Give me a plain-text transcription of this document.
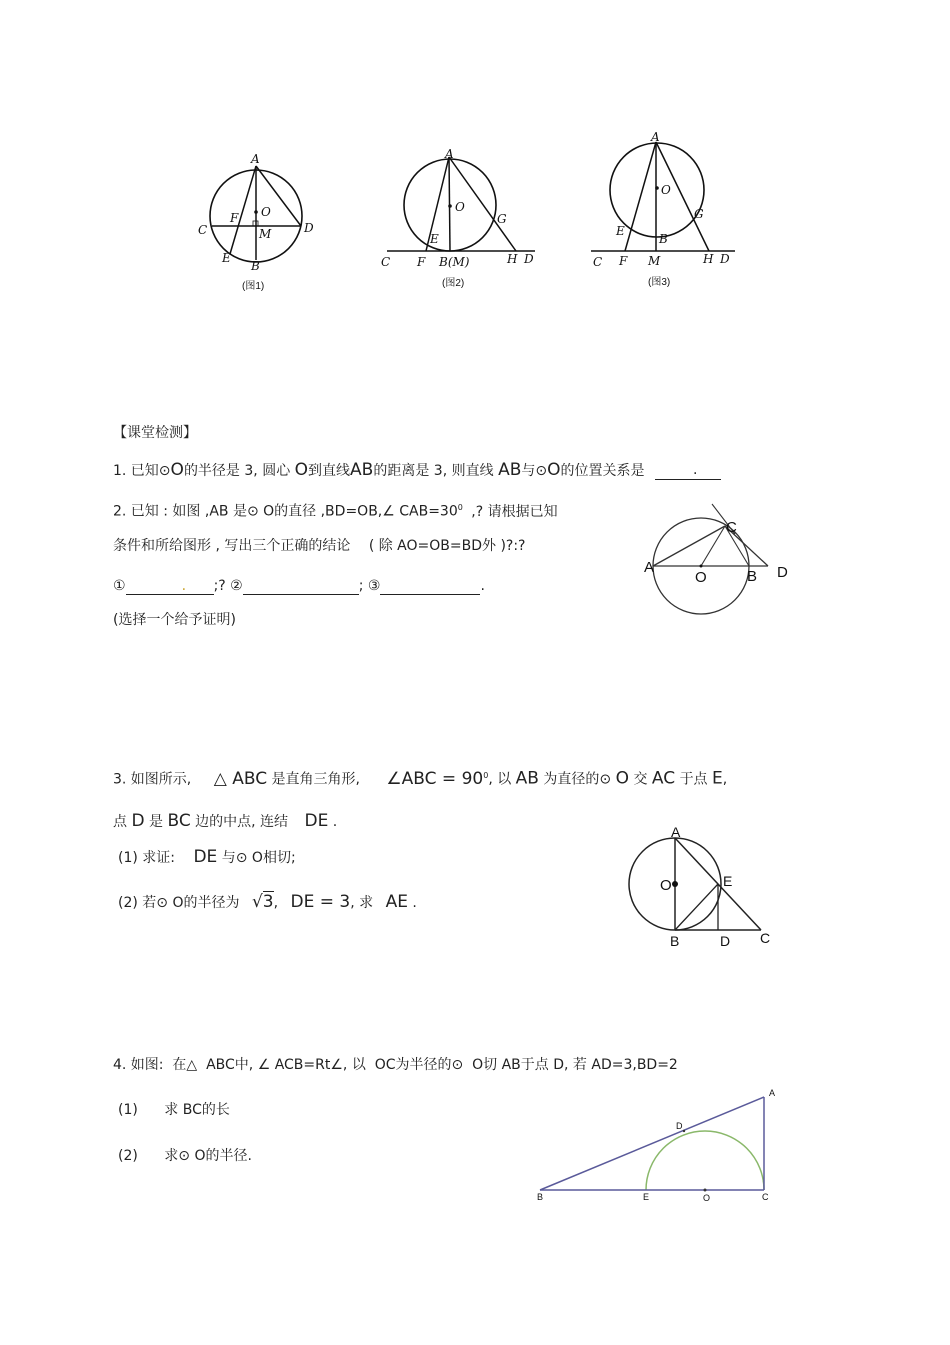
A
O
C
F
M	D
E
B
(图1)
A
O
G
E
C F B(M)	H D
(图2)
A
O
G
E
B
C F M	H D
(图3)
【课堂检测】
1. 已知⊙O的半径是 3, 圆心 O到直线AB的距离是 3, 则直线 AB与⊙O的位置关系是	.
2. 已知 : 如图 ,AB 是⊙ O的直径 ,BD=OB,∠ $CAB=30^0$ ,? 请根据已知
条件和所给图形 , 写出三个正确的结论 ( 除 AO=OB=BD外 )?:?
①	. ;? ②	; ③	.
(选择一个给予证明)
A
O	B
C
D
3. 如图所示, △ ABC 是直角三角形, ∠ABC = $90^0$, 以 AB 为直径的⊙ O 交 AC 于点 E,
点 D 是 BC 边的中点, 连结 DE .
(1) 求证: DE 与⊙ O相切;
(2) 若⊙ O的半径为 √3, DE = 3, 求 AE .
A
O	E
B	D C
4. 如图:  在△  ABC中, ∠ ACB=Rt∠, 以  OC为半径的⊙  O切 AB于点 D, 若 AD=3,BD=2
(1) 求 BC的长
(2) 求⊙ O的半径.
A
D
B	E	O	C
